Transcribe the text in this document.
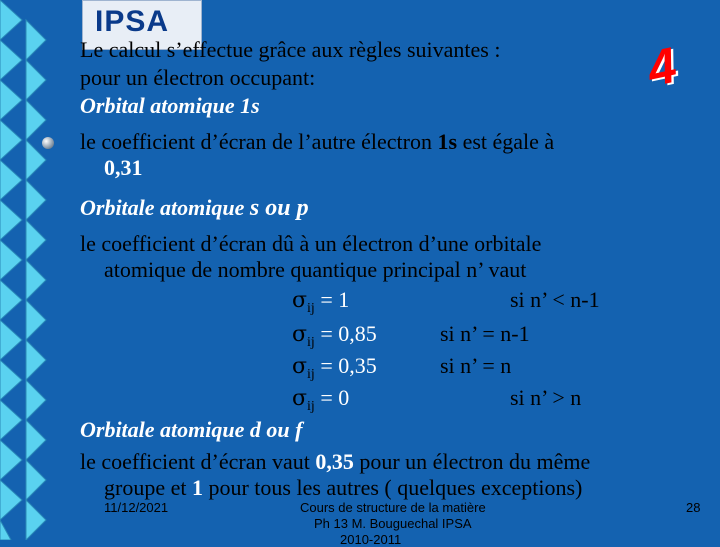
IPSA
4
Le calcul s’effectue grâce aux règles suivantes :
pour un électron occupant:
Orbital atomique 1s
le coefficient d’écran de l’autre électron 1s est égale à
0,31
Orbitale atomique s ou p
le coefficient d’écran dû à un électron d’une orbitale
atomique de nombre quantique principal n’ vaut
$\sigma_{ij} = 1$	si n’ < n-1
$\sigma_{ij} = 0,85$	si n’ = n-1
$\sigma_{ij} = 0,35$	si n’ = n
$\sigma_{ij} = 0$	si n’ > n
Orbitale atomique d ou f
le coefficient d’écran vaut 0,35 pour un électron du même
groupe et 1 pour tous les autres ( quelques exceptions)
11/12/2021	Cours de structure de la matière
Ph 13 M. Bouguechal IPSA
2010-2011
28
